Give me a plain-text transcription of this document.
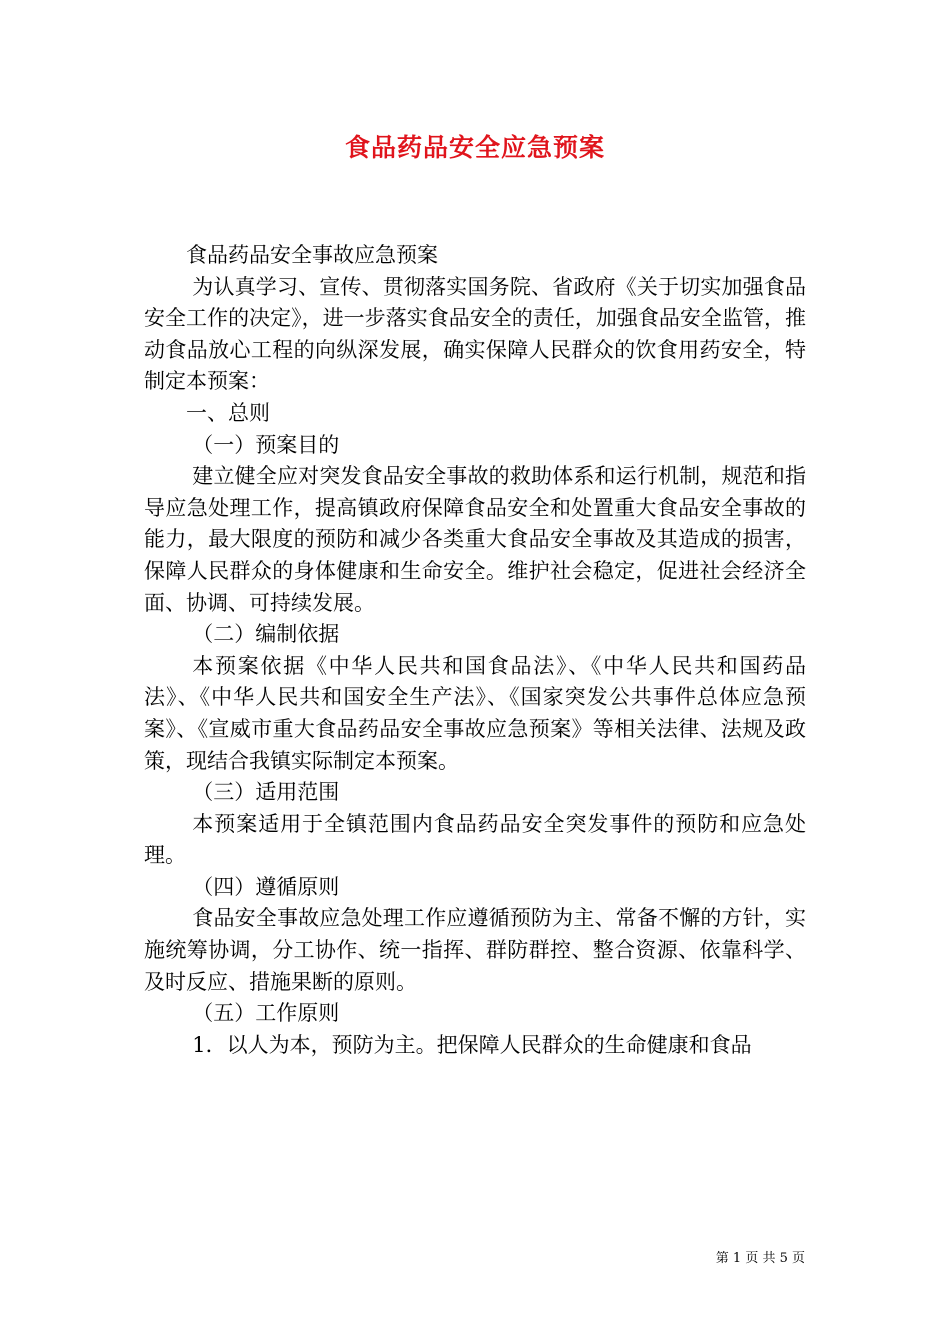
食品药品安全应急预案

食品药品安全事故应急预案

为认真学习、宣传、贯彻落实国务院、省政府《关于切实加强食品安全工作的决定》，进一步落实食品安全的责任，加强食品安全监管，推动食品放心工程的向纵深发展，确实保障人民群众的饮食用药安全，特制定本预案：

一、总则

（一）预案目的

建立健全应对突发食品安全事故的救助体系和运行机制，规范和指导应急处理工作，提高镇政府保障食品安全和处置重大食品安全事故的能力，最大限度的预防和减少各类重大食品安全事故及其造成的损害，保障人民群众的身体健康和生命安全。维护社会稳定，促进社会经济全面、协调、可持续发展。

（二）编制依据

本预案依据《中华人民共和国食品法》、《中华人民共和国药品法》、《中华人民共和国安全生产法》、《国家突发公共事件总体应急预案》、《宣威市重大食品药品安全事故应急预案》等相关法律、法规及政策，现结合我镇实际制定本预案。

（三）适用范围

本预案适用于全镇范围内食品药品安全突发事件的预防和应急处理。

（四）遵循原则

食品安全事故应急处理工作应遵循预防为主、常备不懈的方针，实施统筹协调，分工协作、统一指挥、群防群控、整合资源、依靠科学、及时反应、措施果断的原则。

（五）工作原则

1．以人为本，预防为主。把保障人民群众的生命健康和食品

第 1 页 共 5 页
